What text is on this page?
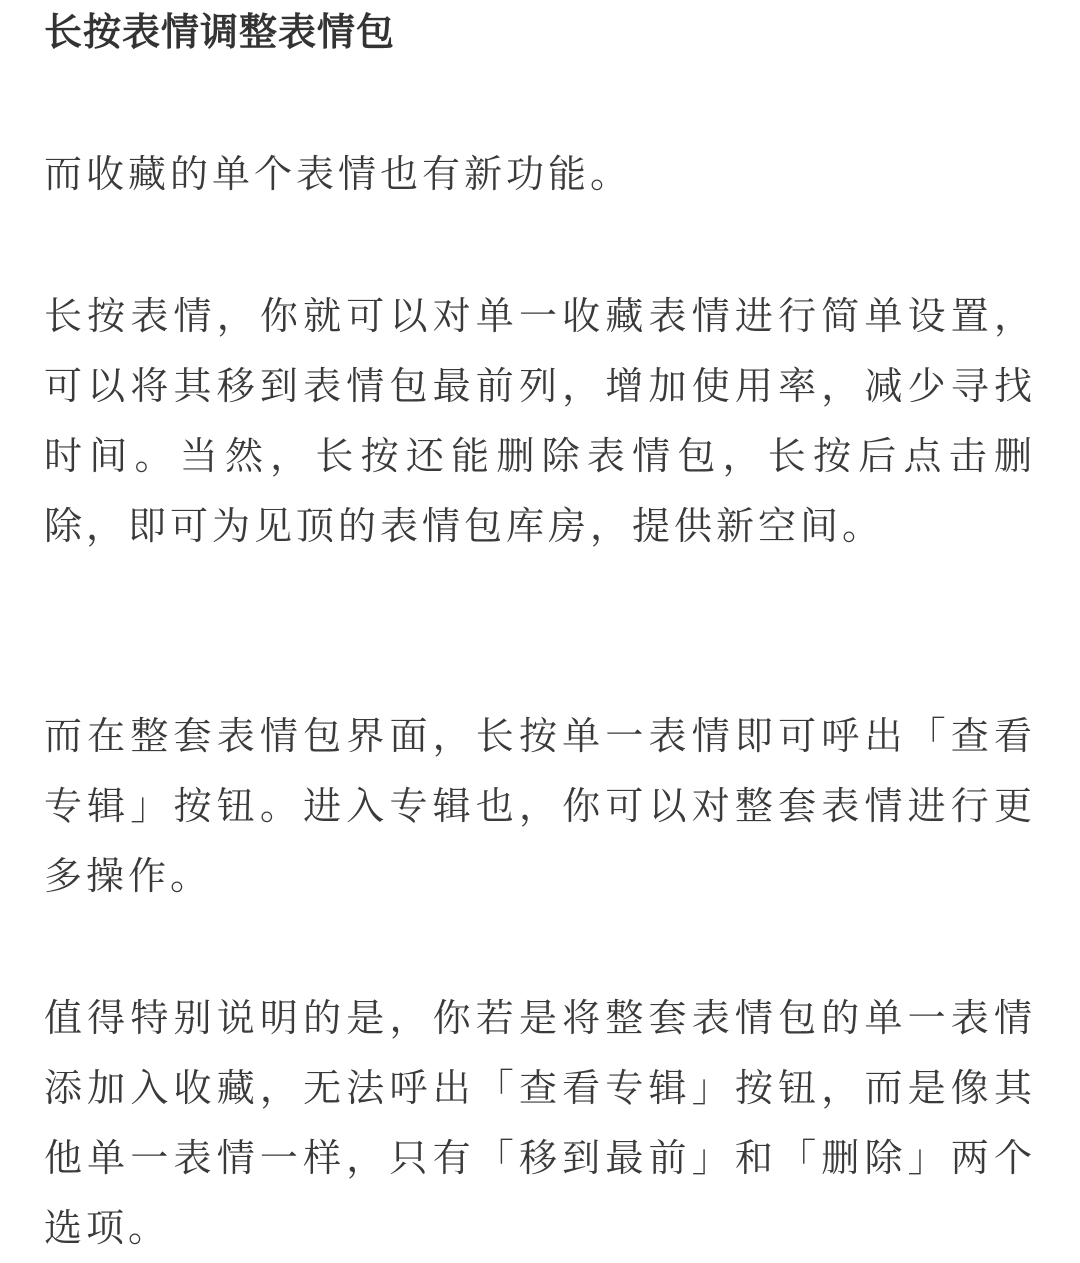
长按表情调整表情包

而收藏的单个表情也有新功能。

长按表情，你就可以对单一收藏表情进行简单设置，可以将其移到表情包最前列，增加使用率，减少寻找时间。当然，长按还能删除表情包，长按后点击删除，即可为见顶的表情包库房，提供新空间。

而在整套表情包界面，长按单一表情即可呼出「查看专辑」按钮。进入专辑也，你可以对整套表情进行更多操作。

值得特别说明的是，你若是将整套表情包的单一表情添加入收藏，无法呼出「查看专辑」按钮，而是像其他单一表情一样，只有「移到最前」和「删除」两个选项。
